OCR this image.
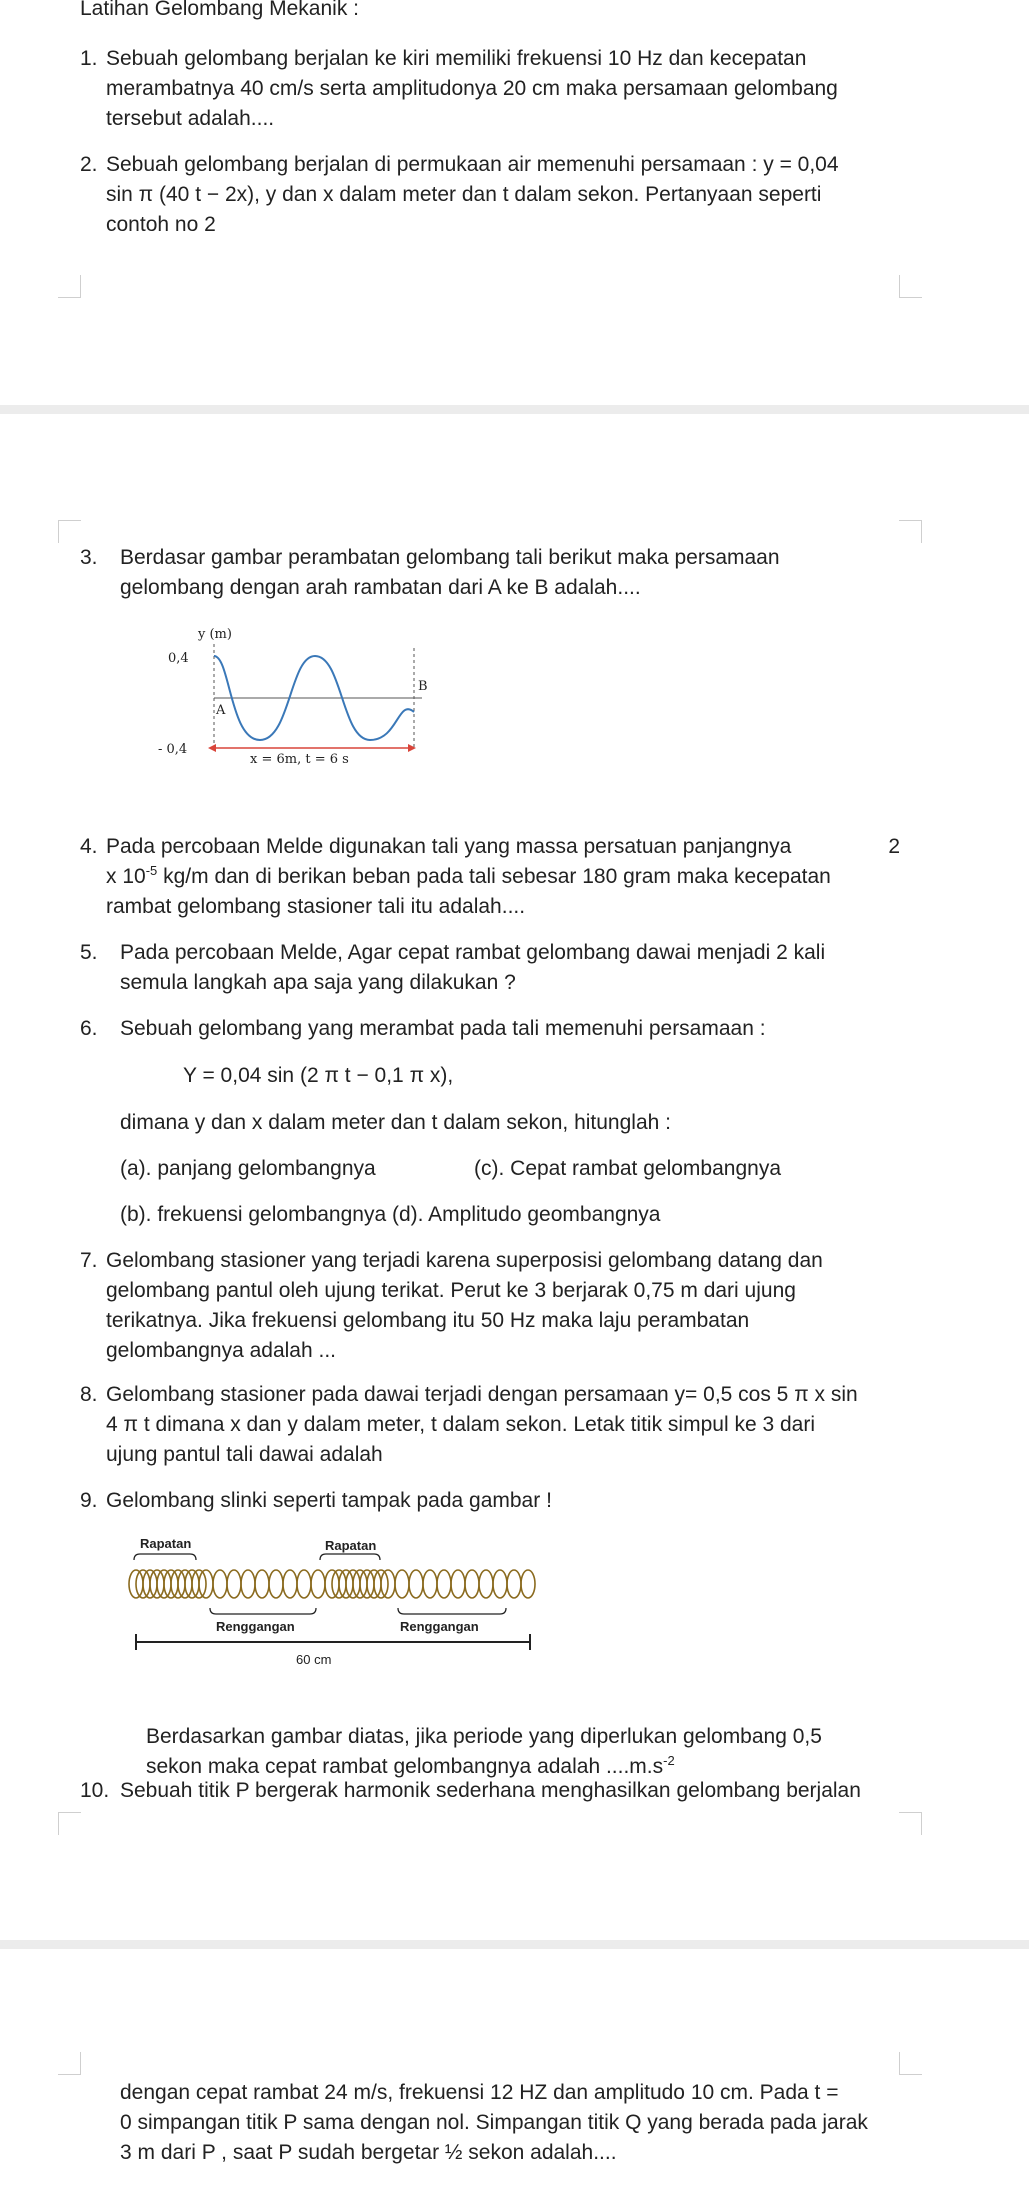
Latihan Gelombang Mekanik :
1. Sebuah gelombang berjalan ke kiri memiliki frekuensi 10 Hz dan kecepatan
merambatnya 40 cm/s serta amplitudonya 20 cm maka persamaan gelombang
tersebut adalah....
2. Sebuah gelombang berjalan di permukaan air memenuhi persamaan : y = 0,04
sin π (40 t − 2x), y dan x dalam meter dan t dalam sekon. Pertanyaan seperti
contoh no 2
3. Berdasar gambar perambatan gelombang tali berikut maka persamaan
gelombang dengan arah rambatan dari A ke B adalah....
y (m)
0,4
- 0,4
A
B
x = 6m, t = 6 s
4. Pada percobaan Melde digunakan tali yang massa persatuan panjangnya	2
x $10^{-5}$ kg/m dan di berikan beban pada tali sebesar 180 gram maka kecepatan
rambat gelombang stasioner tali itu adalah....
5. Pada percobaan Melde, Agar cepat rambat gelombang dawai menjadi 2 kali
semula langkah apa saja yang dilakukan ?
6. Sebuah gelombang yang merambat pada tali memenuhi persamaan :
Y = 0,04 sin (2 π t − 0,1 π x),
dimana y dan x dalam meter dan t dalam sekon, hitunglah :
(a). panjang gelombangnya	(c). Cepat rambat gelombangnya
(b). frekuensi gelombangnya (d). Amplitudo geombangnya
7. Gelombang stasioner yang terjadi karena superposisi gelombang datang dan
gelombang pantul oleh ujung terikat. Perut ke 3 berjarak 0,75 m dari ujung
terikatnya. Jika frekuensi gelombang itu 50 Hz maka laju perambatan
gelombangnya adalah ...
8. Gelombang stasioner pada dawai terjadi dengan persamaan y= 0,5 cos 5 π x sin
4 π t dimana x dan y dalam meter, t dalam sekon. Letak titik simpul ke 3 dari
ujung pantul tali dawai adalah
9. Gelombang slinki seperti tampak pada gambar !
Rapatan	Rapatan
Renggangan	Renggangan
60 cm
Berdasarkan gambar diatas, jika periode yang diperlukan gelombang 0,5
sekon maka cepat rambat gelombangnya adalah $....m.s^{-2}$
10. Sebuah titik P bergerak harmonik sederhana menghasilkan gelombang berjalan
dengan cepat rambat 24 m/s, frekuensi 12 HZ dan amplitudo 10 cm. Pada t =
0 simpangan titik P sama dengan nol. Simpangan titik Q yang berada pada jarak
3 m dari P , saat P sudah bergetar ½ sekon adalah....
